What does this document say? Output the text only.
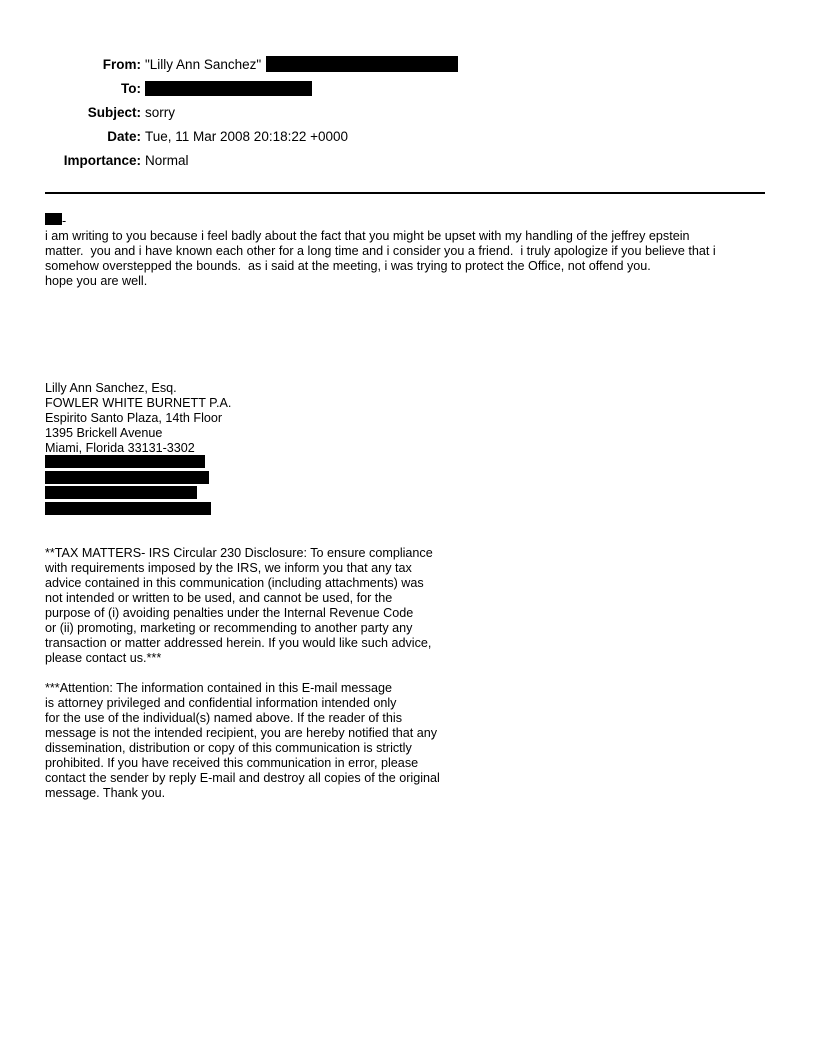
From: "Lilly Ann Sanchez"
To:
Subject: sorry
Date: Tue, 11 Mar 2008 20:18:22 +0000
Importance: Normal
-
i am writing to you because i feel badly about the fact that you might be upset with my handling of the jeffrey epstein
matter.  you and i have known each other for a long time and i consider you a friend.  i truly apologize if you believe that i
somehow overstepped the bounds.  as i said at the meeting, i was trying to protect the Office, not offend you.
hope you are well.
Lilly Ann Sanchez, Esq.
FOWLER WHITE BURNETT P.A.
Espirito Santo Plaza, 14th Floor
1395 Brickell Avenue
Miami, Florida 33131-3302
**TAX MATTERS- IRS Circular 230 Disclosure: To ensure compliance
with requirements imposed by the IRS, we inform you that any tax
advice contained in this communication (including attachments) was
not intended or written to be used, and cannot be used, for the
purpose of (i) avoiding penalties under the Internal Revenue Code
or (ii) promoting, marketing or recommending to another party any
transaction or matter addressed herein. If you would like such advice,
please contact us.***
***Attention: The information contained in this E-mail message
is attorney privileged and confidential information intended only
for the use of the individual(s) named above. If the reader of this
message is not the intended recipient, you are hereby notified that any
dissemination, distribution or copy of this communication is strictly
prohibited. If you have received this communication in error, please
contact the sender by reply E-mail and destroy all copies of the original
message. Thank you.
